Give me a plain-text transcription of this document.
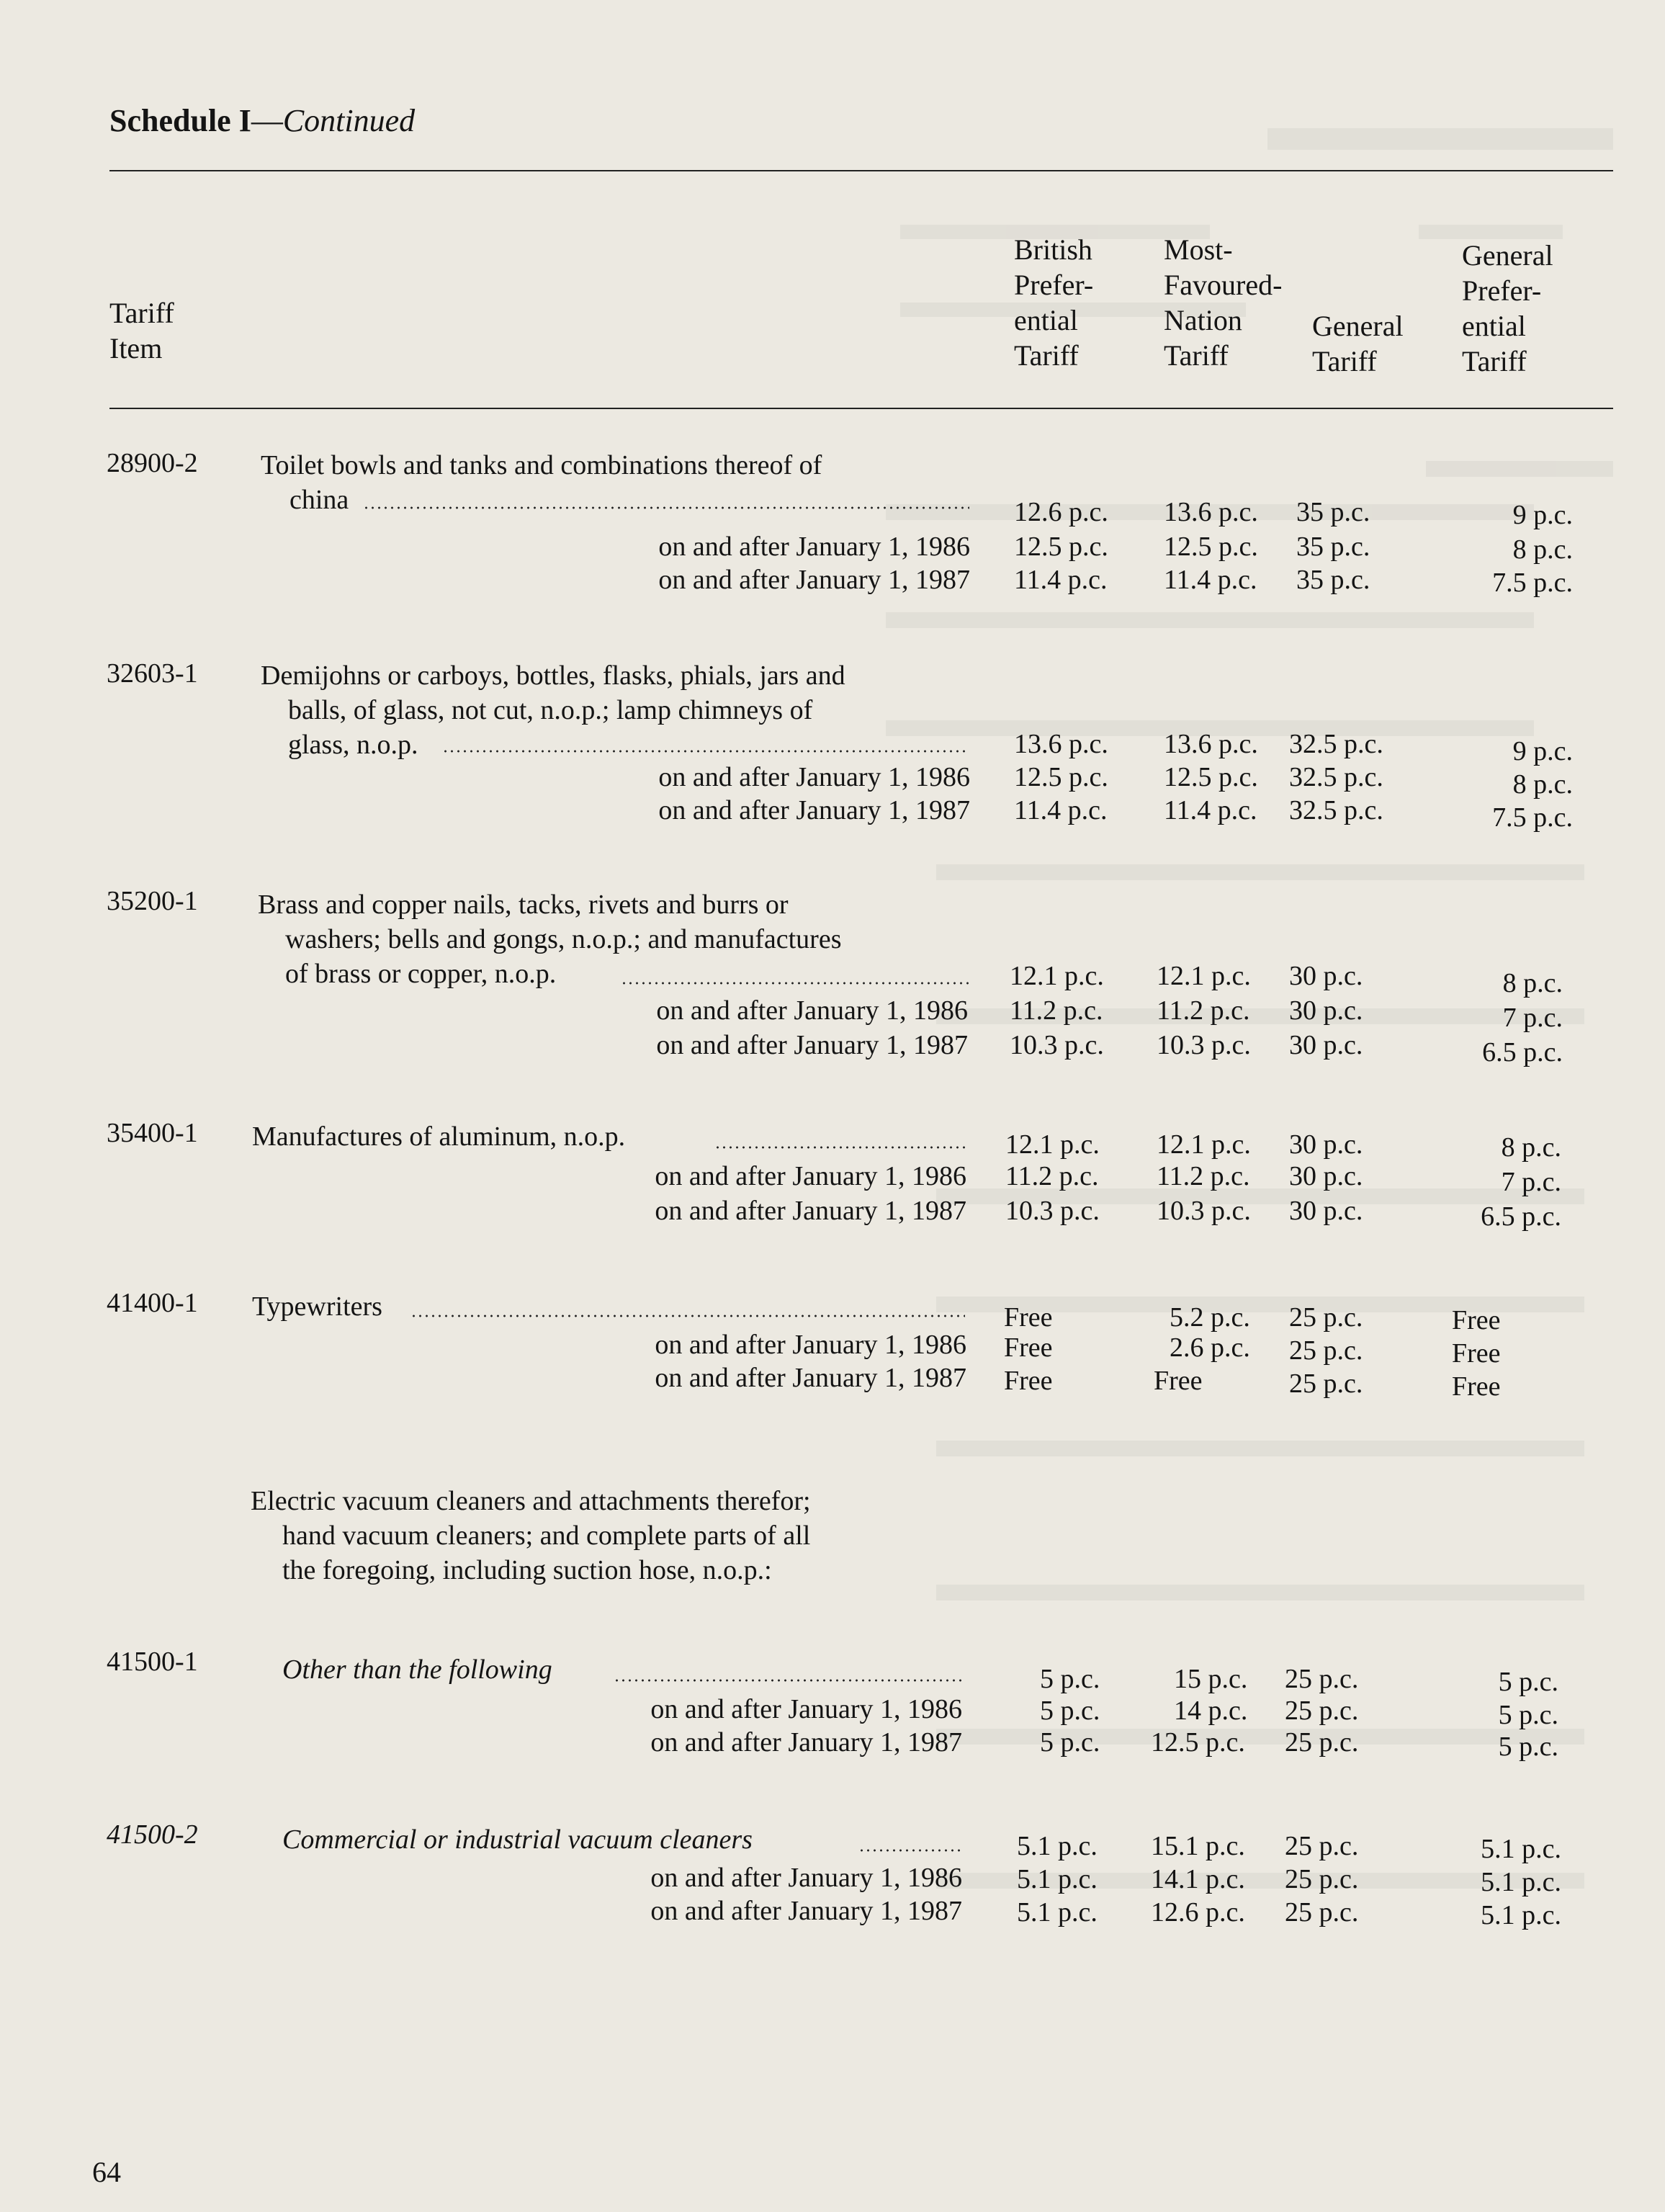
Schedule I—Continued
Tariff
Item
British
Prefer-
ential
Tariff
Most-
Favoured-
Nation
Tariff
General
Tariff
General
Prefer-
ential
Tariff
28900-2 Toilet bowls and tanks and combinations thereof of
china
on and after January 1, 1986
on and after January 1, 1987
12.6 p.c.
12.5 p.c.
11.4 p.c.
13.6 p.c.
12.5 p.c.
11.4 p.c.
35 p.c.
35 p.c.
35 p.c.
9 p.c.
8 p.c.
7.5 p.c.
32603-1 Demijohns or carboys, bottles, flasks, phials, jars and
balls, of glass, not cut, n.o.p.; lamp chimneys of
glass, n.o.p.
on and after January 1, 1986
on and after January 1, 1987
13.6 p.c.
12.5 p.c.
11.4 p.c.
13.6 p.c.
12.5 p.c.
11.4 p.c.
32.5 p.c.
32.5 p.c.
32.5 p.c.
9 p.c.
8 p.c.
7.5 p.c.
35200-1 Brass and copper nails, tacks, rivets and burrs or
washers; bells and gongs, n.o.p.; and manufactures
of brass or copper, n.o.p.
on and after January 1, 1986
on and after January 1, 1987
12.1 p.c.
11.2 p.c.
10.3 p.c.
12.1 p.c.
11.2 p.c.
10.3 p.c.
30 p.c.
30 p.c.
30 p.c.
8 p.c.
7 p.c.
6.5 p.c.
35400-1 Manufactures of aluminum, n.o.p.
on and after January 1, 1986
on and after January 1, 1987
12.1 p.c.
11.2 p.c.
10.3 p.c.
12.1 p.c.
11.2 p.c.
10.3 p.c.
30 p.c.
30 p.c.
30 p.c.
8 p.c.
7 p.c.
6.5 p.c.
41400-1 Typewriters
on and after January 1, 1986
on and after January 1, 1987
Free
Free
Free
5.2 p.c.
2.6 p.c.
Free
25 p.c.
25 p.c.
25 p.c.
Free
Free
Free
Electric vacuum cleaners and attachments therefor;
hand vacuum cleaners; and complete parts of all
the foregoing, including suction hose, n.o.p.:
41500-1	Other than the following
on and after January 1, 1986
on and after January 1, 1987
5 p.c.
5 p.c.
5 p.c.
15 p.c.
14 p.c.
12.5 p.c.
25 p.c.
25 p.c.
25 p.c.
5 p.c.
5 p.c.
5 p.c.
41500-2	Commercial or industrial vacuum cleaners
on and after January 1, 1986
on and after January 1, 1987
5.1 p.c.
5.1 p.c.
5.1 p.c.
15.1 p.c.
14.1 p.c.
12.6 p.c.
25 p.c.
25 p.c.
25 p.c.
5.1 p.c.
5.1 p.c.
5.1 p.c.
64
